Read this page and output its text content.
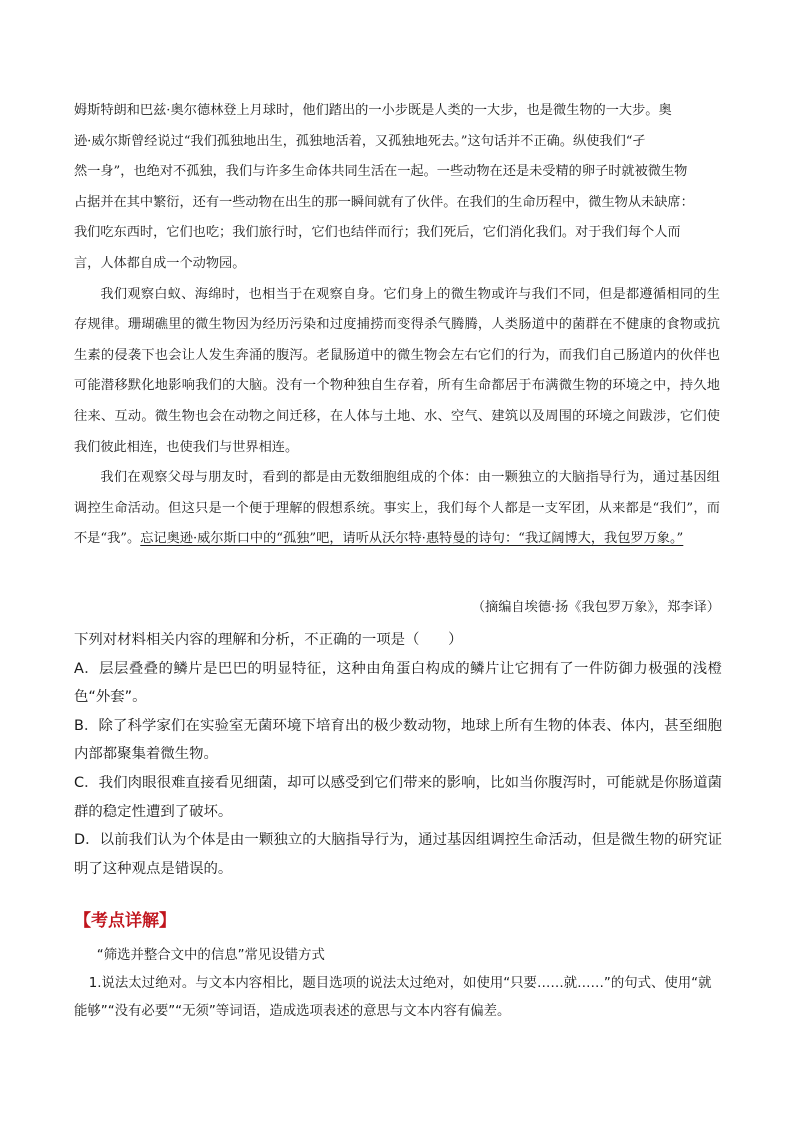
姆斯特朗和巴兹·奥尔德林登上月球时，他们踏出的一小步既是人类的一大步，也是微生物的一大步。奥
逊·威尔斯曾经说过“我们孤独地出生，孤独地活着，又孤独地死去。”这句话并不正确。纵使我们“孑
然一身”，也绝对不孤独，我们与许多生命体共同生活在一起。一些动物在还是未受精的卵子时就被微生物
占据并在其中繁衍，还有一些动物在出生的那一瞬间就有了伙伴。在我们的生命历程中，微生物从未缺席：
我们吃东西时，它们也吃；我们旅行时，它们也结伴而行；我们死后，它们消化我们。对于我们每个人而
言，人体都自成一个动物园。

我们观察白蚁、海绵时，也相当于在观察自身。它们身上的微生物或许与我们不同，但是都遵循相同的生存规律。珊瑚礁里的微生物因为经历污染和过度捕捞而变得杀气腾腾，人类肠道中的菌群在不健康的食物或抗生素的侵袭下也会让人发生奔涌的腹泻。老鼠肠道中的微生物会左右它们的行为，而我们自己肠道内的伙伴也可能潜移默化地影响我们的大脑。没有一个物种独自生存着，所有生命都居于布满微生物的环境之中，持久地往来、互动。微生物也会在动物之间迁移，在人体与土地、水、空气、建筑以及周围的环境之间跋涉，它们使我们彼此相连，也使我们与世界相连。

我们在观察父母与朋友时，看到的都是由无数细胞组成的个体：由一颗独立的大脑指导行为，通过基因组调控生命活动。但这只是一个便于理解的假想系统。事实上，我们每个人都是一支军团，从来都是“我们”，而不是“我”。忘记奥逊·威尔斯口中的“孤独”吧，请听从沃尔特·惠特曼的诗句：“我辽阔博大，我包罗万象。”

（摘编自埃德·扬《我包罗万象》，郑李译）

下列对材料相关内容的理解和分析，不正确的一项是（　　）

A．层层叠叠的鳞片是巴巴的明显特征，这种由角蛋白构成的鳞片让它拥有了一件防御力极强的浅橙色“外套”。

B．除了科学家们在实验室无菌环境下培育出的极少数动物，地球上所有生物的体表、体内，甚至细胞内部都聚集着微生物。

C．我们肉眼很难直接看见细菌，却可以感受到它们带来的影响，比如当你腹泻时，可能就是你肠道菌群的稳定性遭到了破坏。

D．以前我们认为个体是由一颗独立的大脑指导行为，通过基因组调控生命活动，但是微生物的研究证明了这种观点是错误的。

【考点详解】

“筛选并整合文中的信息”常见设错方式

1.说法太过绝对。与文本内容相比，题目选项的说法太过绝对，如使用“只要……就……”的句式、使用“就能够”“没有必要”“无须”等词语，造成选项表述的意思与文本内容有偏差。
